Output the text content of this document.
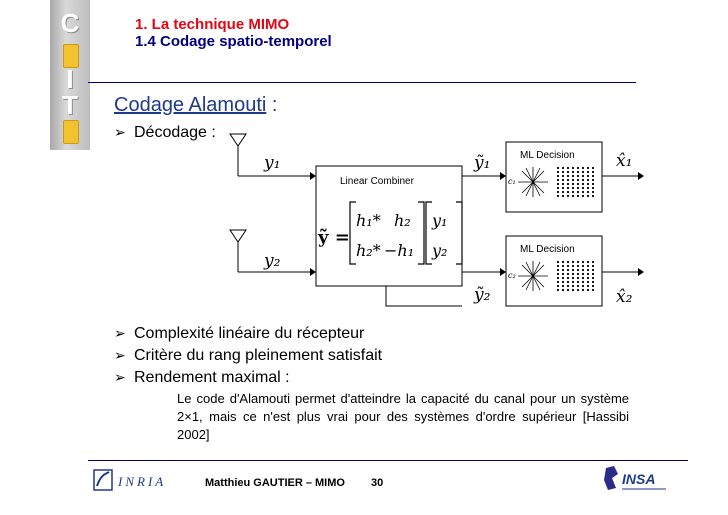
C
I
T
1. La technique MIMO
1.4 Codage spatio-temporel
Codage Alamouti :
➢ Décodage :
y₁
y₂
Linear Combiner
ỹ =
h₁* h₂
h₂* −h₁
y₁
y₂
ỹ₁
ỹ₂
ML Decision
c₁
ML Decision
c₂
x̂₁
x̂₂
➢ Complexité linéaire du récepteur
➢ Critère du rang pleinement satisfait
➢ Rendement maximal :
Le code d'Alamouti permet d'atteindre la capacité du canal pour un système 2×1, mais ce n'est plus vrai pour des systèmes d'ordre supérieur [Hassibi 2002]
INRIA	Matthieu GAUTIER – MIMO 30	INSA
